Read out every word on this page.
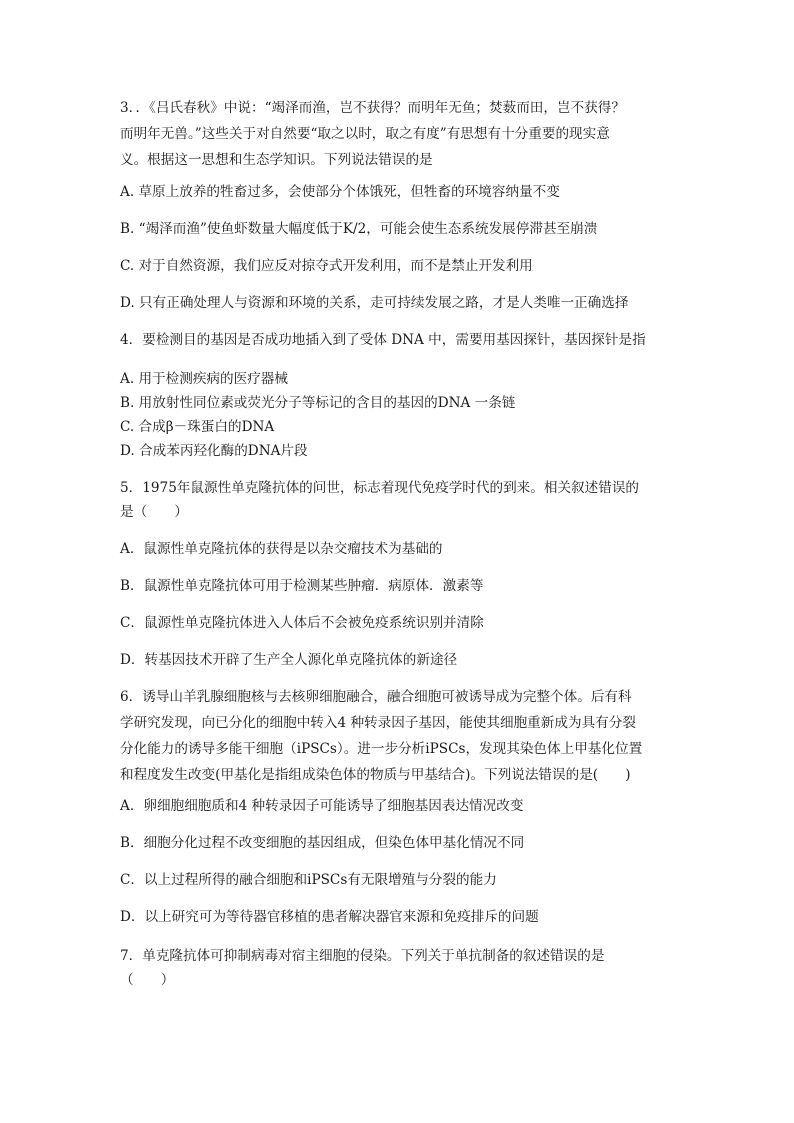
3．．《吕氏春秋》中说：“竭泽而渔，岂不获得？而明年无鱼；焚薮而田，岂不获得？
而明年无兽。”这些关于对自然要“取之以时，取之有度”有思想有十分重要的现实意
义。根据这一思想和生态学知识。下列说法错误的是

A. 草原上放养的牲畜过多，会使部分个体饿死，但牲畜的环境容纳量不变

B. “竭泽而渔”使鱼虾数量大幅度低于K/2，可能会使生态系统发展停滞甚至崩溃

C. 对于自然资源，我们应反对掠夺式开发利用，而不是禁止开发利用

D. 只有正确处理人与资源和环境的关系，走可持续发展之路，才是人类唯一正确选择

4．要检测目的基因是否成功地插入到了受体 DNA 中，需要用基因探针，基因探针是指

A. 用于检测疾病的医疗器械

B. 用放射性同位素或荧光分子等标记的含目的基因的DNA 一条链

C. 合成β－珠蛋白的DNA

D. 合成苯丙羟化酶的DNA片段

5．1975年鼠源性单克隆抗体的问世，标志着现代免疫学时代的到来。相关叙述错误的
是（　　）

A．鼠源性单克隆抗体的获得是以杂交瘤技术为基础的

B．鼠源性单克隆抗体可用于检测某些肿瘤．病原体．激素等

C．鼠源性单克隆抗体进入人体后不会被免疫系统识别并清除

D．转基因技术开辟了生产全人源化单克隆抗体的新途径

6．诱导山羊乳腺细胞核与去核卵细胞融合，融合细胞可被诱导成为完整个体。后有科
学研究发现，向已分化的细胞中转入4 种转录因子基因，能使其细胞重新成为具有分裂
分化能力的诱导多能干细胞（iPSCs）。进一步分析iPSCs，发现其染色体上甲基化位置
和程度发生改变(甲基化是指组成染色体的物质与甲基结合)。下列说法错误的是(　　)

A．卵细胞细胞质和4 种转录因子可能诱导了细胞基因表达情况改变

B．细胞分化过程不改变细胞的基因组成，但染色体甲基化情况不同

C．以上过程所得的融合细胞和iPSCs有无限增殖与分裂的能力

D．以上研究可为等待器官移植的患者解决器官来源和免疫排斥的问题

7．单克隆抗体可抑制病毒对宿主细胞的侵染。下列关于单抗制备的叙述错误的是
（　　）
